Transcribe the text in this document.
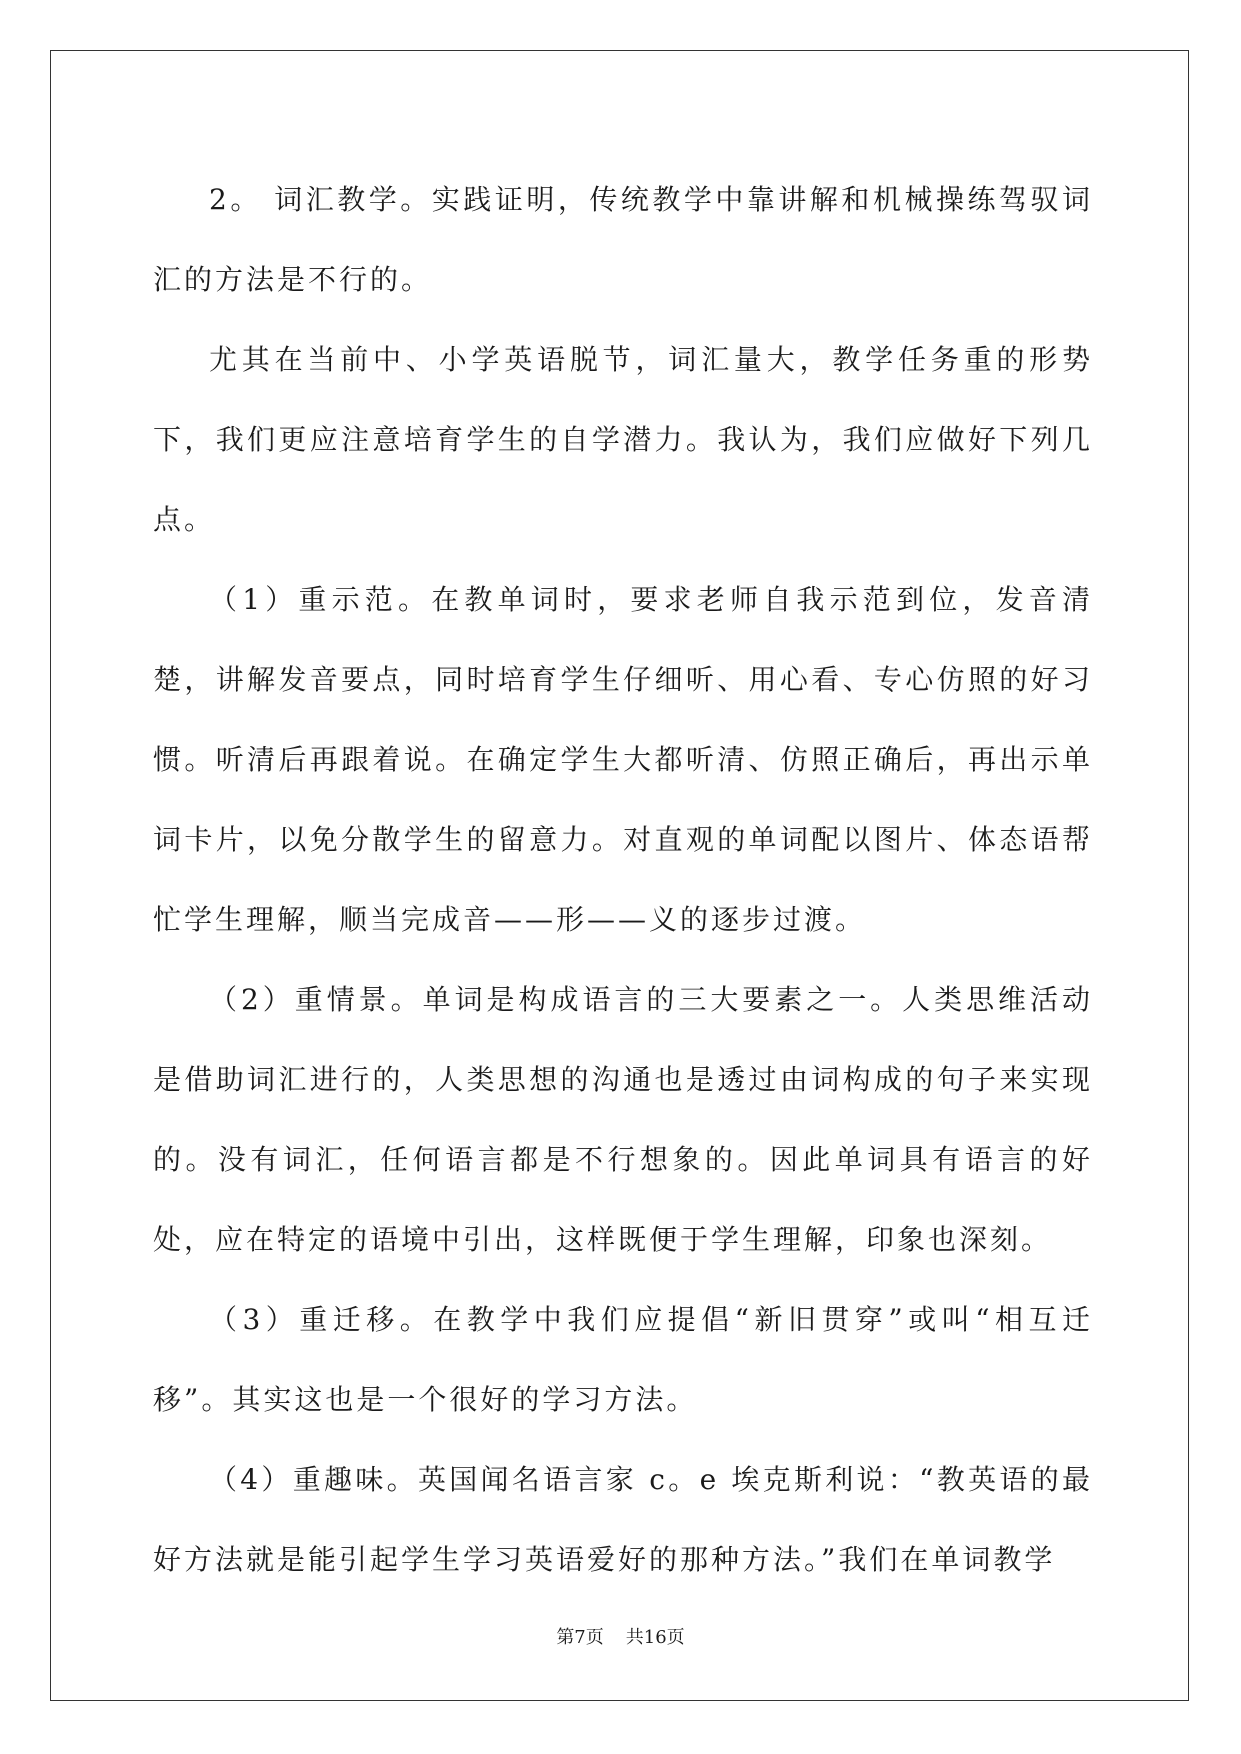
2。 词汇教学。实践证明，传统教学中靠讲解和机械操练驾驭词汇的方法是不行的。

尤其在当前中、小学英语脱节，词汇量大，教学任务重的形势下，我们更应注意培育学生的自学潜力。我认为，我们应做好下列几点。

（1）重示范。在教单词时，要求老师自我示范到位，发音清楚，讲解发音要点，同时培育学生仔细听、用心看、专心仿照的好习惯。听清后再跟着说。在确定学生大都听清、仿照正确后，再出示单词卡片，以免分散学生的留意力。对直观的单词配以图片、体态语帮忙学生理解，顺当完成音——形——义的逐步过渡。

（2）重情景。单词是构成语言的三大要素之一。人类思维活动是借助词汇进行的，人类思想的沟通也是透过由词构成的句子来实现的。没有词汇，任何语言都是不行想象的。因此单词具有语言的好处，应在特定的语境中引出，这样既便于学生理解，印象也深刻。

（3）重迁移。在教学中我们应提倡“新旧贯穿”或叫“相互迁移”。其实这也是一个很好的学习方法。

（4）重趣味。英国闻名语言家 c。e 埃克斯利说：“教英语的最好方法就是能引起学生学习英语爱好的那种方法。”我们在单词教学

第7页 共16页
